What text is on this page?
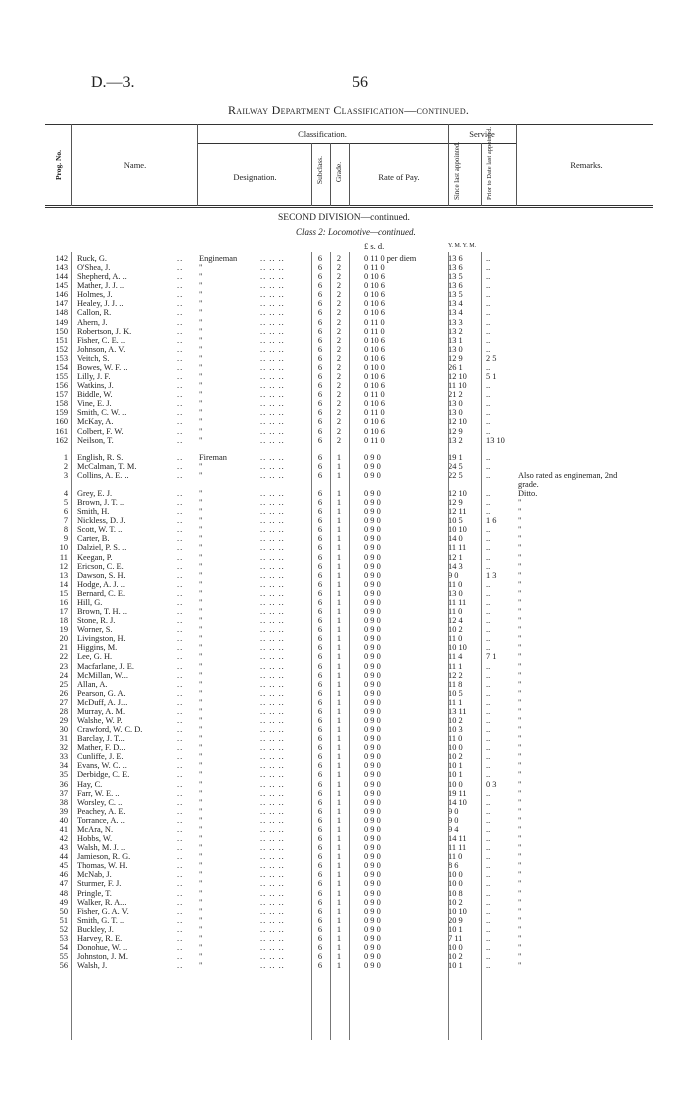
D.—3.	56
Railway Department Classification—continued.
Prog. No.	Name.
Classification.
Designation.	Subclass. Grade.	Rate of Pay.
Service
Since last appointed.	Prior to Date last appointed.	Remarks.
SECOND DIVISION—continued.
Class 2: Locomotive—continued.
£ s. d.	Y. M. Y. M.
142 Ruck, G.	.. Engineman	.. .. ..	6	2	0 11 0 per diem	13 6	..
143 O'Shea, J.	.. "	.. .. ..	6	2	0 11 0	13 6	..
144 Shepherd, A. ..	.. "	.. .. ..	6	2	0 10 6	13 5	..
145 Mather, J. J. ..	.. "	.. .. ..	6	2	0 10 6	13 6	..
146 Holmes, J.	.. "	.. .. ..	6	2	0 10 6	13 5	..
147 Healey, J. J. ..	.. "	.. .. ..	6	2	0 10 6	13 4	..
148 Callon, R.	.. "	.. .. ..	6	2	0 10 6	13 4	..
149 Ahern, J.	.. "	.. .. ..	6	2	0 11 0	13 3	..
150 Robertson, J. K.	.. "	.. .. ..	6	2	0 11 0	13 2	..
151 Fisher, C. E. ..	.. "	.. .. ..	6	2	0 10 6	13 1	..
152 Johnson, A. V.	.. "	.. .. ..	6	2	0 10 6	13 0	..
153 Veitch, S.	.. "	.. .. ..	6	2	0 10 6	12 9	2 5
154 Bowes, W. F. ..	.. "	.. .. ..	6	2	0 10 0	26 1	..
155 Lilly, J. F.	.. "	.. .. ..	6	2	0 10 6	12 10 5 1
156 Watkins, J.	.. "	.. .. ..	6	2	0 10 6	11 10 ..
157 Biddle, W.	.. "	.. .. ..	6	2	0 11 0	21 2	..
158 Vine, E. J.	.. "	.. .. ..	6	2	0 10 6	13 0	..
159 Smith, C. W. ..	.. "	.. .. ..	6	2	0 11 0	13 0	..
160 McKay, A.	.. "	.. .. ..	6	2	0 10 6	12 10 ..
161 Colbert, F. W.	.. "	.. .. ..	6	2	0 10 6	12 9	..
162 Neilson, T.	.. "	.. .. ..	6	2	0 11 0	13 2	13 10
1 English, R. S.	.. Fireman	.. .. ..	6	1	0 9 0	19 1	..
2 McCalman, T. M.	.. "	.. .. ..	6	1	0 9 0	24 5	..
3 Collins, A. E. ..	.. "	.. .. ..	6	1	0 9 0	22 5	..	Also rated as engineman, 2nd
grade.
4 Grey, E. J.	.. "	.. .. ..	6	1	0 9 0	12 10 ..	Ditto.
5 Brown, J. T. ..	.. "	.. .. ..	6	1	0 9 0	12 9	..	"
6 Smith, H.	.. "	.. .. ..	6	1	0 9 0	12 11 ..	"
7 Nickless, D. J.	.. "	.. .. ..	6	1	0 9 0	10 5	1 6	"
8 Scott, W. T. ..	.. "	.. .. ..	6	1	0 9 0	10 10 ..	"
9 Carter, B.	.. "	.. .. ..	6	1	0 9 0	14 0	..	"
10 Dalziel, P. S. ..	.. "	.. .. ..	6	1	0 9 0	11 11 ..	"
11 Keegan, P.	.. "	.. .. ..	6	1	0 9 0	12 1	..	"
12 Ericson, C. E.	.. "	.. .. ..	6	1	0 9 0	14 3	..	"
13 Dawson, S. H.	.. "	.. .. ..	6	1	0 9 0	9 0	1 3	"
14 Hodge, A. J. ..	.. "	.. .. ..	6	1	0 9 0	11 0	..	"
15 Bernard, C. E.	.. "	.. .. ..	6	1	0 9 0	13 0	..	"
16 Hill, G.	.. "	.. .. ..	6	1	0 9 0	11 11 ..	"
17 Brown, T. H. ..	.. "	.. .. ..	6	1	0 9 0	11 0	..	"
18 Stone, R. J.	.. "	.. .. ..	6	1	0 9 0	12 4	..	"
19 Worner, S.	.. "	.. .. ..	6	1	0 9 0	10 2	..	"
20 Livingston, H.	.. "	.. .. ..	6	1	0 9 0	11 0	..	"
21 Higgins, M.	.. "	.. .. ..	6	1	0 9 0	10 10 ..	"
22 Lee, G. H.	.. "	.. .. ..	6	1	0 9 0	11 4	7 1	"
23 Macfarlane, J. E.	.. "	.. .. ..	6	1	0 9 0	11 1	..	"
24 McMillan, W...	.. "	.. .. ..	6	1	0 9 0	12 2	..	"
25 Allan, A.	.. "	.. .. ..	6	1	0 9 0	11 8	..	"
26 Pearson, G. A.	.. "	.. .. ..	6	1	0 9 0	10 5	..	"
27 McDuff, A. J...	.. "	.. .. ..	6	1	0 9 0	11 1	..	"
28 Murray, A. M.	.. "	.. .. ..	6	1	0 9 0	13 11 ..	"
29 Walshe, W. P.	.. "	.. .. ..	6	1	0 9 0	10 2	..	"
30 Crawford, W. C. D.	.. "	.. .. ..	6	1	0 9 0	10 3	..	"
31 Barclay, J. T...	.. "	.. .. ..	6	1	0 9 0	11 0	..	"
32 Mather, F. D...	.. "	.. .. ..	6	1	0 9 0	10 0	..	"
33 Cunliffe, J. E.	.. "	.. .. ..	6	1	0 9 0	10 2	..	"
34 Evans, W. C. ..	.. "	.. .. ..	6	1	0 9 0	10 1	..	"
35 Derbidge, C. E.	.. "	.. .. ..	6	1	0 9 0	10 1	..	"
36 Hay, C.	.. "	.. .. ..	6	1	0 9 0	10 0	0 3	"
37 Farr, W. E. ..	.. "	.. .. ..	6	1	0 9 0	19 11 ..	"
38 Worsley, C. ..	.. "	.. .. ..	6	1	0 9 0	14 10 ..	"
39 Peachey, A. E.	.. "	.. .. ..	6	1	0 9 0	9 0	..	"
40 Torrance, A. ..	.. "	.. .. ..	6	1	0 9 0	9 0	..	"
41 McAra, N.	.. "	.. .. ..	6	1	0 9 0	9 4	..	"
42 Hobbs, W.	.. "	.. .. ..	6	1	0 9 0	14 11 ..	"
43 Walsh, M. J. ..	.. "	.. .. ..	6	1	0 9 0	11 11 ..	"
44 Jamieson, R. G.	.. "	.. .. ..	6	1	0 9 0	11 0	..	"
45 Thomas, W. H.	.. "	.. .. ..	6	1	0 9 0	8 6	..	"
46 McNab, J.	.. "	.. .. ..	6	1	0 9 0	10 0	..	"
47 Sturmer, F. J.	.. "	.. .. ..	6	1	0 9 0	10 0	..	"
48 Pringle, T.	.. "	.. .. ..	6	1	0 9 0	10 8	..	"
49 Walker, R. A...	.. "	.. .. ..	6	1	0 9 0	10 2	..	"
50 Fisher, G. A. V.	.. "	.. .. ..	6	1	0 9 0	10 10 ..	"
51 Smith, G. T. ..	.. "	.. .. ..	6	1	0 9 0	20 9	..	"
52 Buckley, J.	.. "	.. .. ..	6	1	0 9 0	10 1	..	"
53 Harvey, R. E.	.. "	.. .. ..	6	1	0 9 0	7 11	..	"
54 Donohue, W. ..	.. "	.. .. ..	6	1	0 9 0	10 0	..	"
55 Johnston, J. M.	.. "	.. .. ..	6	1	0 9 0	10 2	..	"
56 Walsh, J.	.. "	.. .. ..	6	1	0 9 0	10 1	..	"
